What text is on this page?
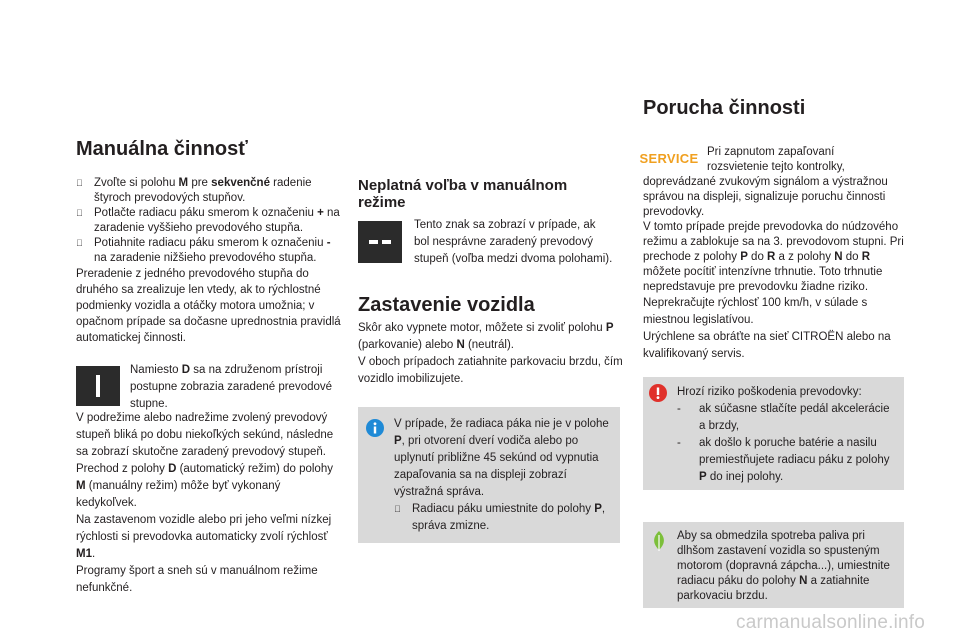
Manuálna činnosť
Zvoľte si polohu M pre sekvenčné radenie štyroch prevodových stupňov.
Potlačte radiacu páku smerom k označeniu + na zaradenie vyššieho prevodového stupňa.
Potiahnite radiacu páku smerom k označeniu - na zaradenie nižšieho prevodového stupňa.

Preradenie z jedného prevodového stupňa do druhého sa zrealizuje len vtedy, ak to rýchlostné podmienky vozidla a otáčky motora umožnia; v opačnom prípade sa dočasne uprednostnia pravidlá automatickej činnosti.

Namiesto D sa na združenom prístroji postupne zobrazia zaradené prevodové stupne.

V podrežime alebo nadrežime zvolený prevodový stupeň bliká po dobu niekoľkých sekúnd, následne sa zobrazí skutočne zaradený prevodový stupeň.

Prechod z polohy D (automatický režim) do polohy M (manuálny režim) môže byť vykonaný kedykoľvek.

Na zastavenom vozidle alebo pri jeho veľmi nízkej rýchlosti si prevodovka automaticky zvolí rýchlosť M1.

Programy šport a sneh sú v manuálnom režime nefunkčné.

Neplatná voľba v manuálnom režime
Tento znak sa zobrazí v prípade, ak bol nesprávne zaradený prevodový stupeň (voľba medzi dvoma polohami).
Zastavenie vozidla

Skôr ako vypnete motor, môžete si zvoliť polohu P (parkovanie) alebo N (neutrál).

V oboch prípadoch zatiahnite parkovaciu brzdu, čím vozidlo imobilizujete.

V prípade, že radiaca páka nie je v polohe P, pri otvorení dverí vodiča alebo po uplynutí približne 45 sekúnd od vypnutia zapaľovania sa na displeji zobrazí výstražná správa.

Radiacu páku umiestnite do polohy P, správa zmizne.
Porucha činnosti
SERVICE Pri zapnutom zapaľovaní rozsvietenie tejto kontrolky,

doprevádzané zvukovým signálom a výstražnou správou na displeji, signalizuje poruchu činnosti prevodovky.

V tomto prípade prejde prevodovka do núdzového režimu a zablokuje sa na 3. prevodovom stupni. Pri prechode z polohy P do R a z polohy N do R môžete pocítiť intenzívne trhnutie. Toto trhnutie nepredstavuje pre prevodovku žiadne riziko.

Neprekračujte rýchlosť 100 km/h, v súlade s miestnou legislatívou.

Urýchlene sa obráťte na sieť CITROËN alebo na kvalifikovaný servis.

Hrozí riziko poškodenia prevodovky:

-	ak súčasne stlačíte pedál akcelerácie a brzdy,
-	ak došlo k poruche batérie a nasilu premiestňujete radiacu páku z polohy P do inej polohy.
Aby sa obmedzila spotreba paliva pri dlhšom zastavení vozidla so spusteným motorom (dopravná zápcha...), umiestnite radiacu páku do polohy N a zatiahnite parkovaciu brzdu.
carmanualsonline.info
